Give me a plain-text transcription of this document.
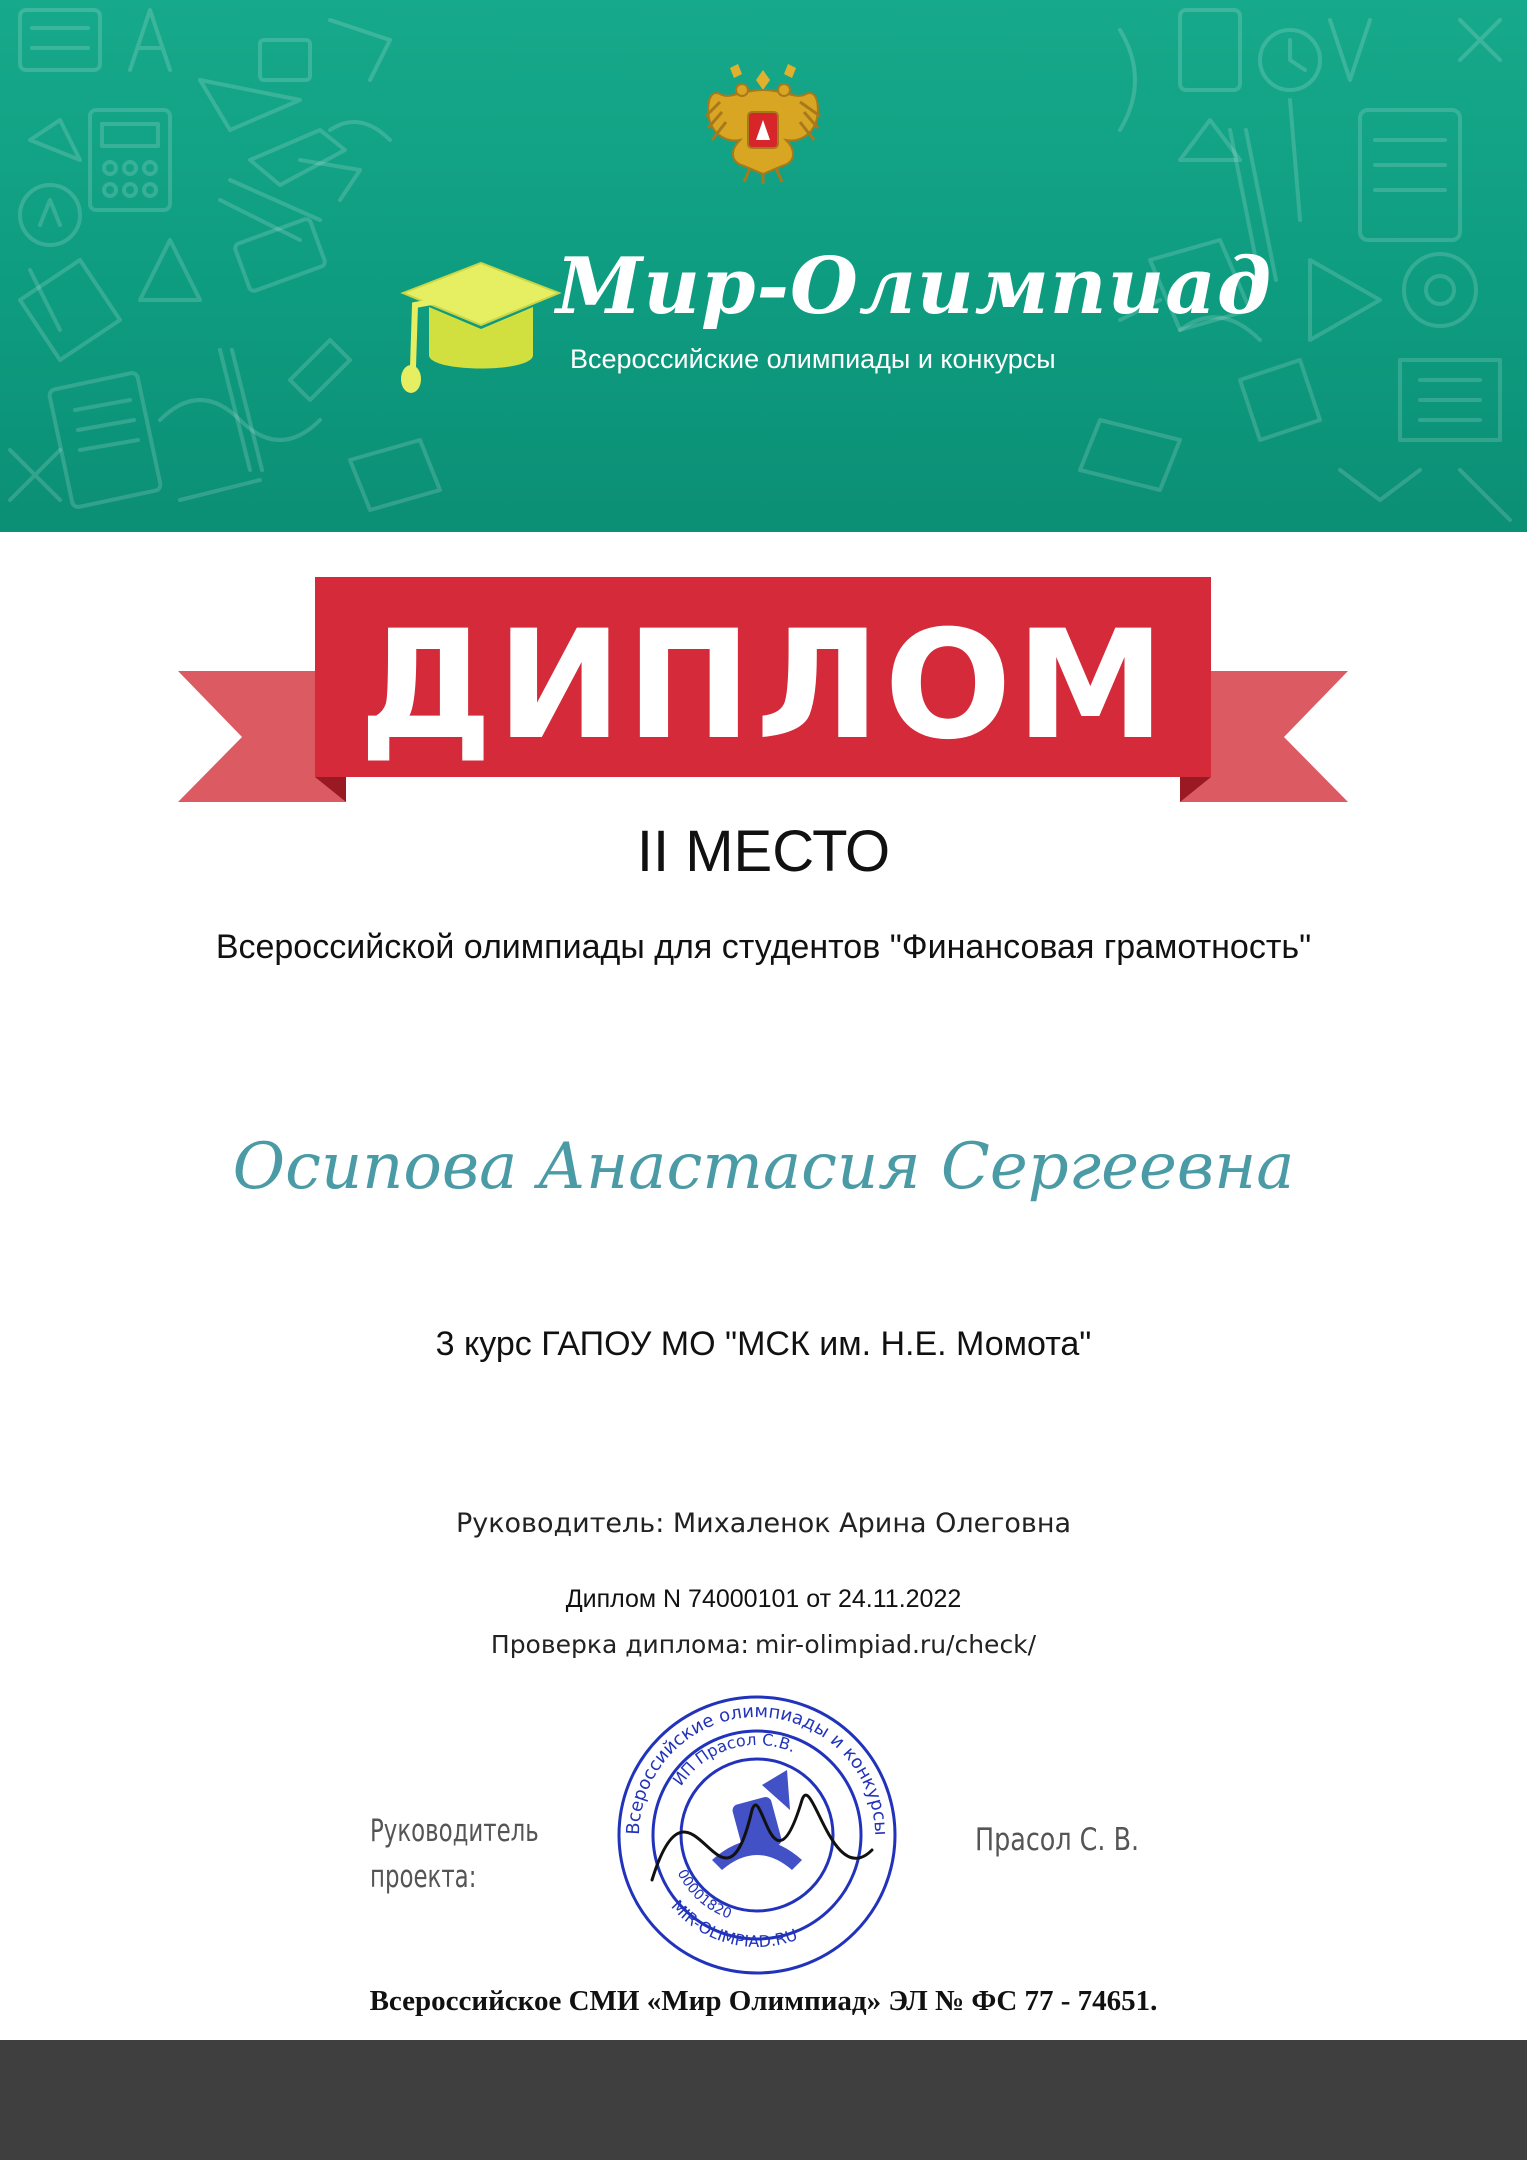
Мир-Олимпиад
Всероссийские олимпиады и конкурсы
ДИПЛОМ
II МЕСТО
Всероссийской олимпиады для студентов "Финансовая грамотность"
Осипова Анастасия Сергеевна
3 курс ГАПОУ МО "МСК им. Н.Е. Момота"
Руководитель: Михаленок Арина Олеговна
Диплом N 74000101 от 24.11.2022
Проверка диплома: mir-olimpiad.ru/check/
Руководитель проекта:
Прасол С. В.
Всероссийские олимпиады и конкурсы
ИП Прасол С.В.
MIR-OLIMPIAD.RU
00001820
Всероссийское СМИ «Мир Олимпиад» ЭЛ № ФС 77 - 74651.
